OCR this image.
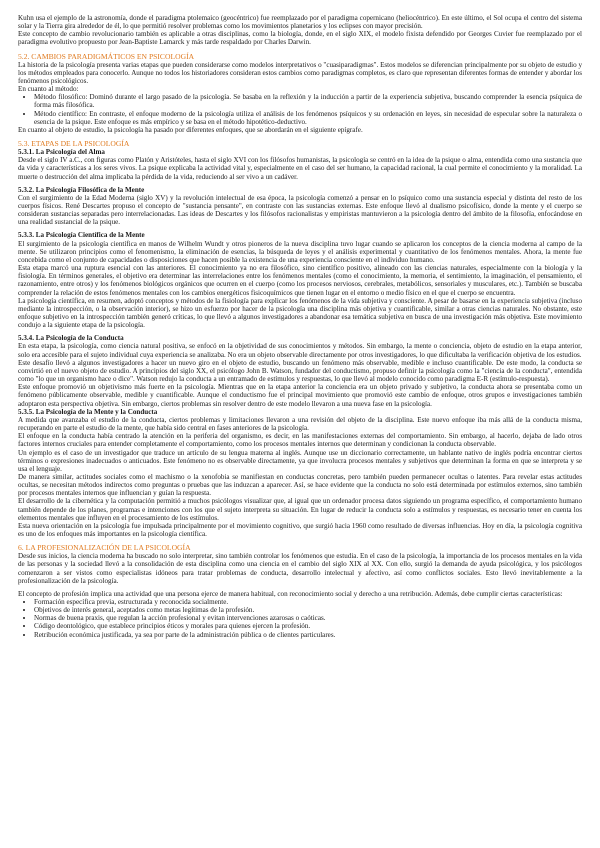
Kuhn usa el ejemplo de la astronomía, donde el paradigma ptolemaico (geocéntrico) fue reemplazado por el paradigma copernicano (heliocéntrico). En este último, el Sol ocupa el centro del sistema solar y la Tierra gira alrededor de él, lo que permitió resolver problemas como los movimientos planetarios y los eclipses con mayor precisión.

Este concepto de cambio revolucionario también es aplicable a otras disciplinas, como la biología, donde, en el siglo XIX, el modelo fixista defendido por Georges Cuvier fue reemplazado por el paradigma evolutivo propuesto por Jean-Baptiste Lamarck y más tarde respaldado por Charles Darwin.

5.2. CAMBIOS PARADIGMÁTICOS EN PSICOLOGÍA

La historia de la psicología presenta varias etapas que pueden considerarse como modelos interpretativos o "cuasiparadigmas". Estos modelos se diferencian principalmente por su objeto de estudio y los métodos empleados para conocerlo. Aunque no todos los historiadores consideran estos cambios como paradigmas completos, es claro que representan diferentes formas de entender y abordar los fenómenos psicológicos.

En cuanto al método:

• Método filosófico: Dominó durante el largo pasado de la psicología. Se basaba en la reflexión y la inducción a partir de la experiencia subjetiva, buscando comprender la esencia psíquica de forma más filosófica.
• Método científico: En contraste, el enfoque moderno de la psicología utiliza el análisis de los fenómenos psíquicos y su ordenación en leyes, sin necesidad de especular sobre la naturaleza o esencia de la psique. Este enfoque es más empírico y se basa en el método hipotético-deductivo.

En cuanto al objeto de estudio, la psicología ha pasado por diferentes enfoques, que se abordarán en el siguiente epígrafe.

5.3. ETAPAS DE LA PSICOLOGÍA

5.3.1. La Psicología del Alma

Desde el siglo IV a.C., con figuras como Platón y Aristóteles, hasta el siglo XVI con los filósofos humanistas, la psicología se centró en la idea de la psique o alma, entendida como una sustancia que da vida y características a los seres vivos. La psique explicaba la actividad vital y, especialmente en el caso del ser humano, la capacidad racional, la cual permite el conocimiento y la moralidad. La muerte o destrucción del alma implicaba la pérdida de la vida, reduciendo al ser vivo a un cadáver.

5.3.2. La Psicología Filosófica de la Mente

Con el surgimiento de la Edad Moderna (siglo XV) y la revolución intelectual de esa época, la psicología comenzó a pensar en lo psíquico como una sustancia especial y distinta del resto de los cuerpos físicos. René Descartes propuso el concepto de "sustancia pensante", en contraste con las sustancias externas. Este enfoque llevó al dualismo psicofísico, donde la mente y el cuerpo se consideran sustancias separadas pero interrelacionadas. Las ideas de Descartes y los filósofos racionalistas y empiristas mantuvieron a la psicología dentro del ámbito de la filosofía, enfocándose en una realidad sustancial de la psique.

5.3.3. La Psicología Científica de la Mente

El surgimiento de la psicología científica en manos de Wilhelm Wundt y otros pioneros de la nueva disciplina tuvo lugar cuando se aplicaron los conceptos de la ciencia moderna al campo de la mente. Se utilizaron principios como el fenomenismo, la eliminación de esencias, la búsqueda de leyes y el análisis experimental y cuantitativo de los fenómenos mentales. Ahora, la mente fue concebida como el conjunto de capacidades o disposiciones que hacen posible la existencia de una experiencia consciente en el individuo humano.

Esta etapa marcó una ruptura esencial con las anteriores. El conocimiento ya no era filosófico, sino científico positivo, alineado con las ciencias naturales, especialmente con la biología y la fisiología. En términos generales, el objetivo era determinar las interrelaciones entre los fenómenos mentales (como el conocimiento, la memoria, el sentimiento, la imaginación, el pensamiento, el razonamiento, entre otros) y los fenómenos biológicos orgánicos que ocurren en el cuerpo (como los procesos nerviosos, cerebrales, metabólicos, sensoriales y musculares, etc.). También se buscaba comprender la relación de estos fenómenos mentales con los cambios energéticos fisicoquímicos que tienen lugar en el entorno o medio físico en el que el cuerpo se encuentra.

La psicología científica, en resumen, adoptó conceptos y métodos de la fisiología para explicar los fenómenos de la vida subjetiva y consciente. A pesar de basarse en la experiencia subjetiva (incluso mediante la introspección, o la observación interior), se hizo un esfuerzo por hacer de la psicología una disciplina más objetiva y cuantificable, similar a otras ciencias naturales. No obstante, este enfoque subjetivo en la introspección también generó críticas, lo que llevó a algunos investigadores a abandonar esa temática subjetiva en busca de una investigación más objetiva. Este movimiento condujo a la siguiente etapa de la psicología.

5.3.4. La Psicología de la Conducta

En esta etapa, la psicología, como ciencia natural positiva, se enfocó en la objetividad de sus conocimientos y métodos. Sin embargo, la mente o conciencia, objeto de estudio en la etapa anterior, solo era accesible para el sujeto individual cuya experiencia se analizaba. No era un objeto observable directamente por otros investigadores, lo que dificultaba la verificación objetiva de los estudios.

Este desafío llevó a algunos investigadores a hacer un nuevo giro en el objeto de estudio, buscando un fenómeno más observable, medible e incluso cuantificable. De este modo, la conducta se convirtió en el nuevo objeto de estudio. A principios del siglo XX, el psicólogo John B. Watson, fundador del conductismo, propuso definir la psicología como la "ciencia de la conducta", entendida como "lo que un organismo hace o dice". Watson redujo la conducta a un entramado de estímulos y respuestas, lo que llevó al modelo conocido como paradigma E-R (estímulo-respuesta).

Este enfoque promovió un objetivismo más fuerte en la psicología. Mientras que en la etapa anterior la conciencia era un objeto privado y subjetivo, la conducta ahora se presentaba como un fenómeno públicamente observable, medible y cuantificable. Aunque el conductismo fue el principal movimiento que promovió este cambio de enfoque, otros grupos e investigaciones también adoptaron esta perspectiva objetiva. Sin embargo, ciertos problemas sin resolver dentro de este modelo llevaron a una nueva fase en la psicología.

5.3.5. La Psicología de la Mente y la Conducta

A medida que avanzaba el estudio de la conducta, ciertos problemas y limitaciones llevaron a una revisión del objeto de la disciplina. Este nuevo enfoque iba más allá de la conducta misma, recuperando en parte el estudio de la mente, que había sido central en fases anteriores de la psicología.

El enfoque en la conducta había centrado la atención en la periferia del organismo, es decir, en las manifestaciones externas del comportamiento. Sin embargo, al hacerlo, dejaba de lado otros factores internos cruciales para entender completamente el comportamiento, como los procesos mentales internos que determinan y condicionan la conducta observable.

Un ejemplo es el caso de un investigador que traduce un artículo de su lengua materna al inglés. Aunque use un diccionario correctamente, un hablante nativo de inglés podría encontrar ciertos términos o expresiones inadecuados o anticuados. Este fenómeno no es observable directamente, ya que involucra procesos mentales y subjetivos que determinan la forma en que se interpreta y se usa el lenguaje.

De manera similar, actitudes sociales como el machismo o la xenofobia se manifiestan en conductas concretas, pero también pueden permanecer ocultas o latentes. Para revelar estas actitudes ocultas, se necesitan métodos indirectos como preguntas o pruebas que las induzcan a aparecer. Así, se hace evidente que la conducta no solo está determinada por estímulos externos, sino también por procesos mentales internos que influencian y guían la respuesta.

El desarrollo de la cibernética y la computación permitió a muchos psicólogos visualizar que, al igual que un ordenador procesa datos siguiendo un programa específico, el comportamiento humano también depende de los planes, programas e intenciones con los que el sujeto interpreta su situación. En lugar de reducir la conducta solo a estímulos y respuestas, es necesario tener en cuenta los elementos mentales que influyen en el procesamiento de los estímulos.

Esta nueva orientación en la psicología fue impulsada principalmente por el movimiento cognitivo, que surgió hacia 1960 como resultado de diversas influencias. Hoy en día, la psicología cognitiva es uno de los enfoques más importantes en la psicología científica.

6. LA PROFESIONALIZACIÓN DE LA PSICOLOGÍA

Desde sus inicios, la ciencia moderna ha buscado no solo interpretar, sino también controlar los fenómenos que estudia. En el caso de la psicología, la importancia de los procesos mentales en la vida de las personas y la sociedad llevó a la consolidación de esta disciplina como una ciencia en el cambio del siglo XIX al XX. Con ello, surgió la demanda de ayuda psicológica, y los psicólogos comenzaron a ser vistos como especialistas idóneos para tratar problemas de conducta, desarrollo intelectual y afectivo, así como conflictos sociales. Esto llevó inevitablemente a la profesionalización de la psicología.

El concepto de profesión implica una actividad que una persona ejerce de manera habitual, con reconocimiento social y derecho a una retribución. Además, debe cumplir ciertas características:

• Formación específica previa, estructurada y reconocida socialmente.
• Objetivos de interés general, aceptados como metas legítimas de la profesión.
• Normas de buena praxis, que regulan la acción profesional y evitan intervenciones azarosas o caóticas.
• Código deontológico, que establece principios éticos y morales para quienes ejercen la profesión.
• Retribución económica justificada, ya sea por parte de la administración pública o de clientes particulares.
